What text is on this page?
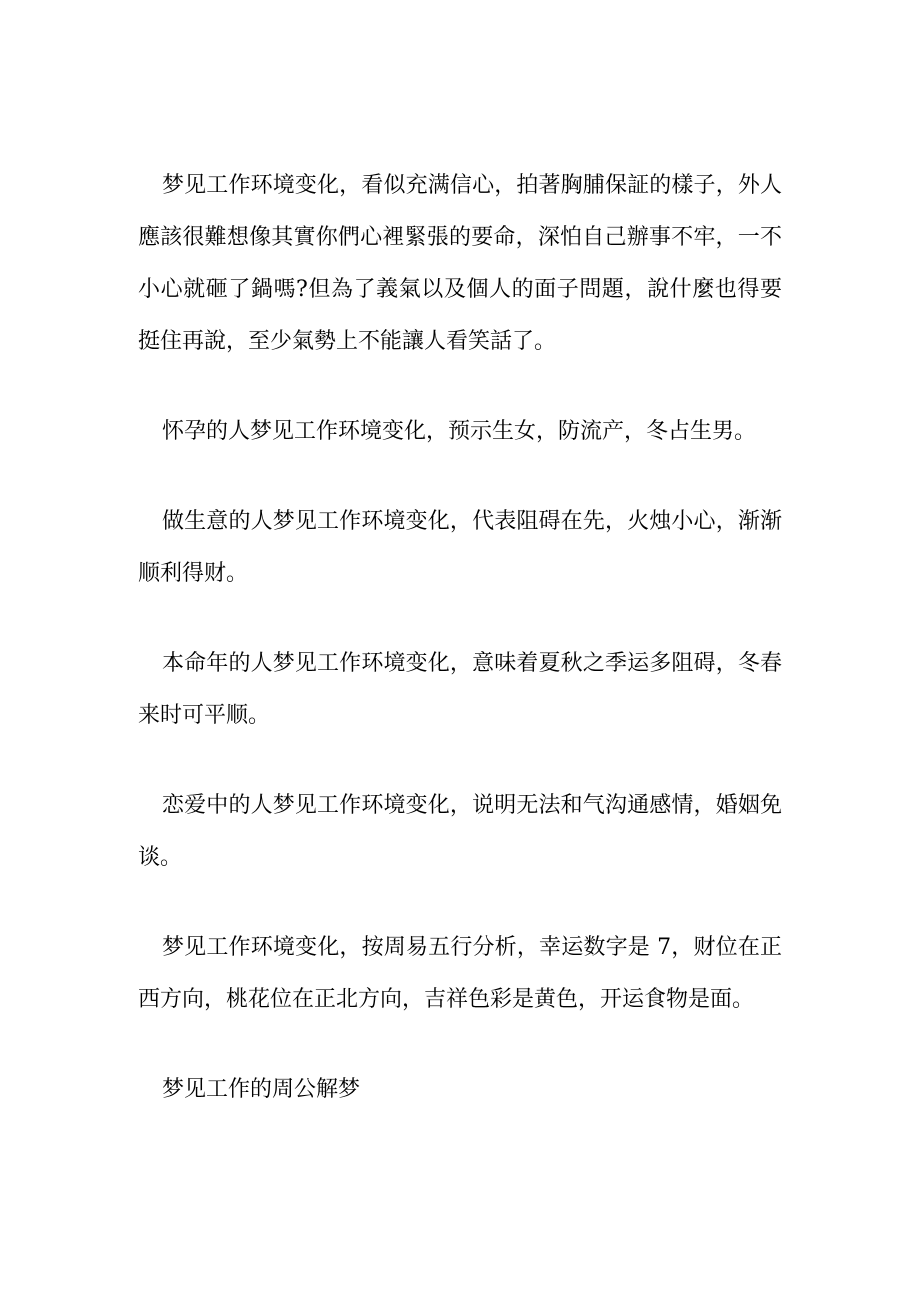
梦见工作环境变化，看似充满信心，拍著胸脯保証的樣子，外人應該很難想像其實你們心裡緊張的要命，深怕自己辦事不牢，一不小心就砸了鍋嗎?但為了義氣以及個人的面子問題，說什麼也得要挺住再說，至少氣勢上不能讓人看笑話了。

怀孕的人梦见工作环境变化，预示生女，防流产，冬占生男。

做生意的人梦见工作环境变化，代表阻碍在先，火烛小心，渐渐顺利得财。

本命年的人梦见工作环境变化，意味着夏秋之季运多阻碍，冬春来时可平顺。

恋爱中的人梦见工作环境变化，说明无法和气沟通感情，婚姻免谈。

梦见工作环境变化，按周易五行分析，幸运数字是 7，财位在正西方向，桃花位在正北方向，吉祥色彩是黄色，开运食物是面。

梦见工作的周公解梦
